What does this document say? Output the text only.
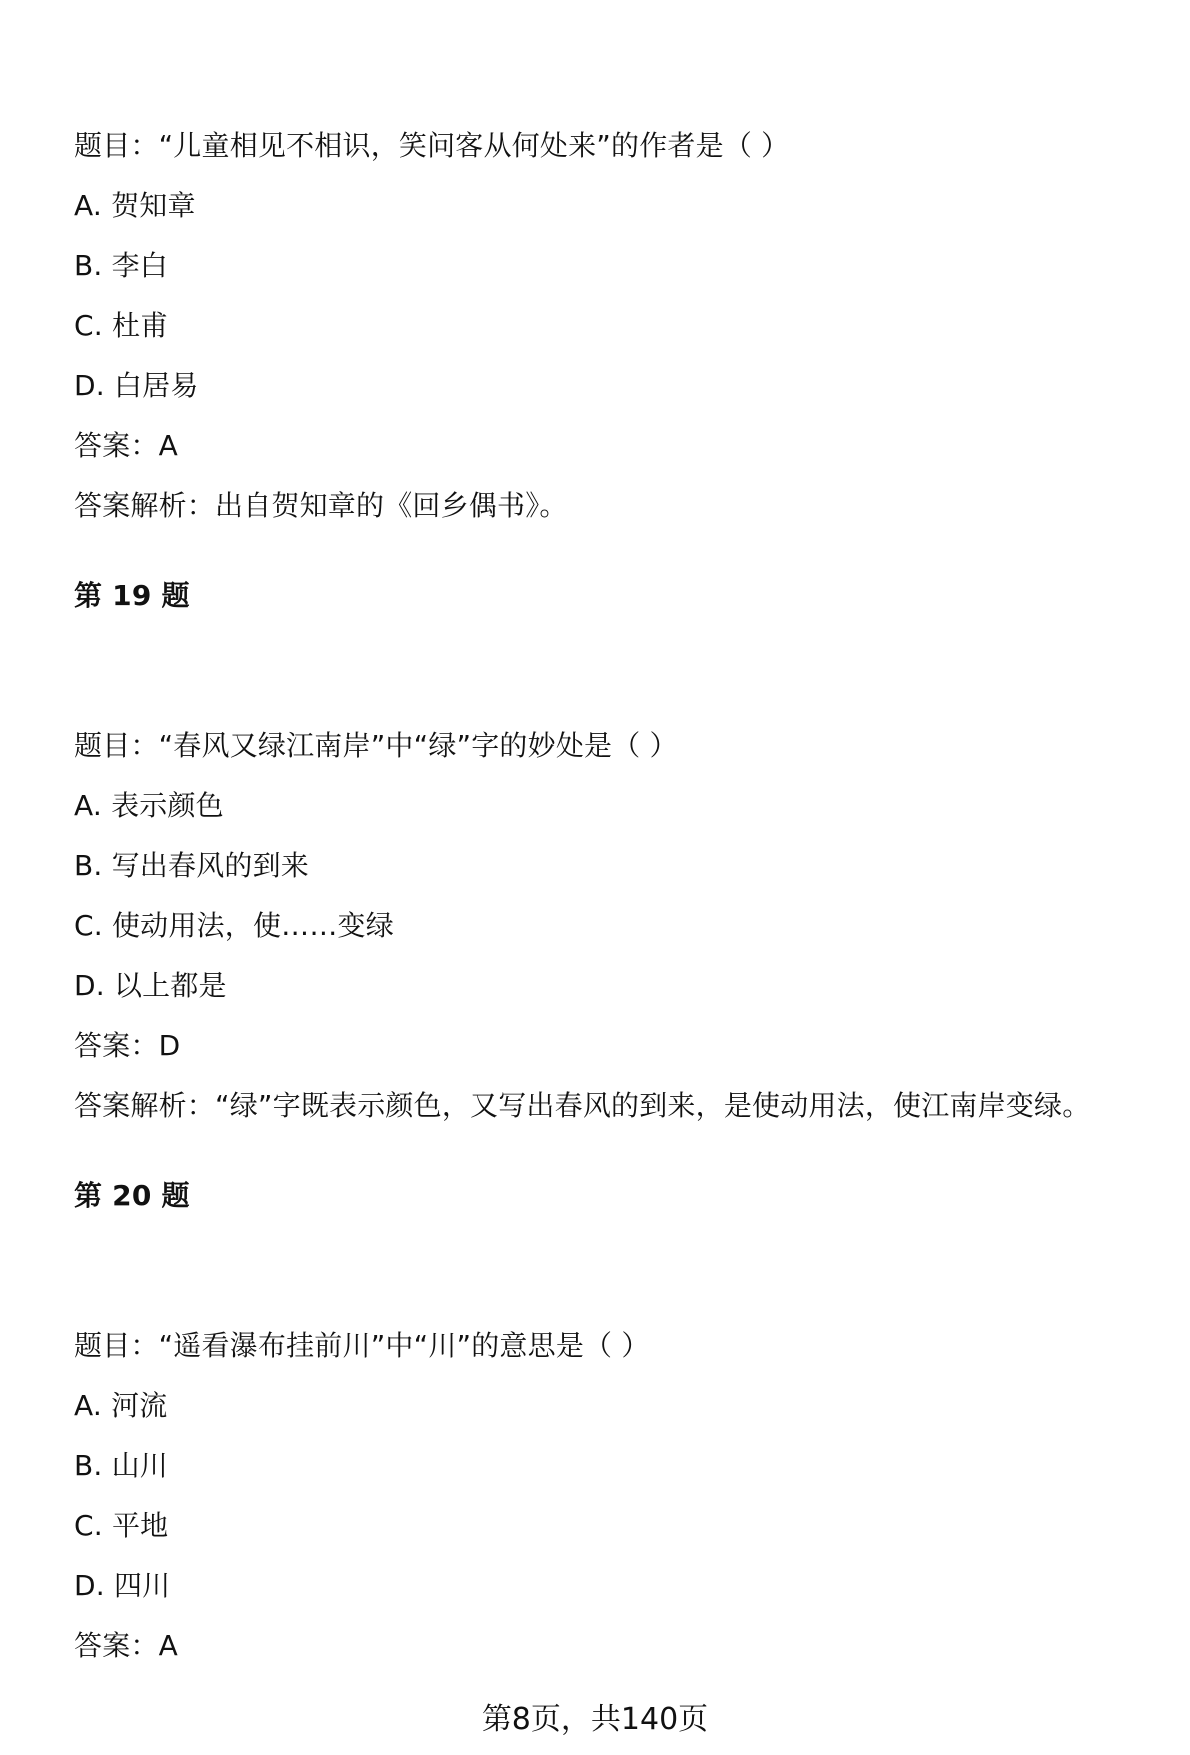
题目：“儿童相见不相识，笑问客从何处来”的作者是（ ）
A. 贺知章
B. 李白
C. 杜甫
D. 白居易
答案：A
答案解析：出自贺知章的《回乡偶书》。
第 19 题
题目：“春风又绿江南岸”中“绿”字的妙处是（ ）
A. 表示颜色
B. 写出春风的到来
C. 使动用法，使……变绿
D. 以上都是
答案：D
答案解析：“绿”字既表示颜色，又写出春风的到来，是使动用法，使江南岸变绿。
第 20 题
题目：“遥看瀑布挂前川”中“川”的意思是（ ）
A. 河流
B. 山川
C. 平地
D. 四川
答案：A
第8页，共140页
